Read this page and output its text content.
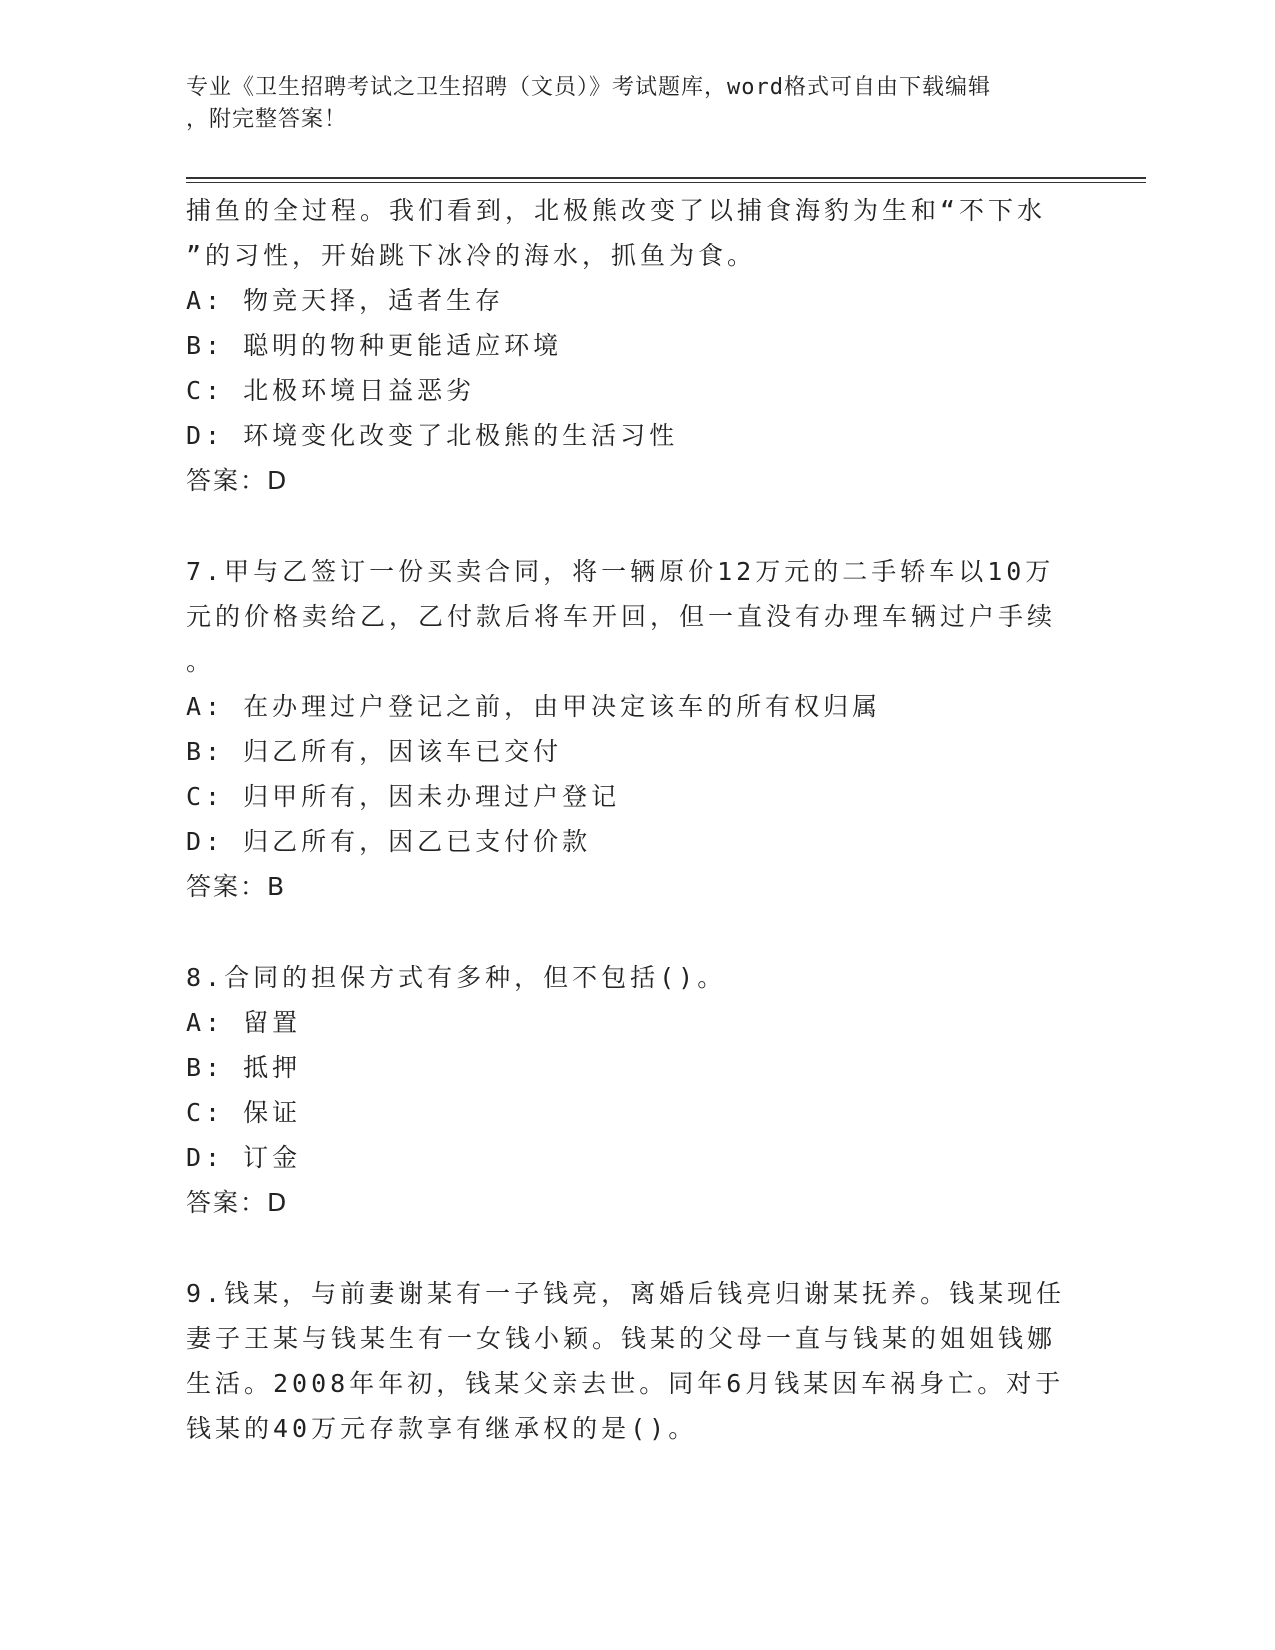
专业《卫生招聘考试之卫生招聘（文员）》考试题库，word格式可自由下载编辑
，附完整答案！

捕鱼的全过程。我们看到，北极熊改变了以捕食海豹为生和“不下水

”的习性，开始跳下冰冷的海水，抓鱼为食。

A: 物竞天择，适者生存

B: 聪明的物种更能适应环境

C: 北极环境日益恶劣

D: 环境变化改变了北极熊的生活习性

答案：D

7.甲与乙签订一份买卖合同，将一辆原价12万元的二手轿车以10万

元的价格卖给乙，乙付款后将车开回，但一直没有办理车辆过户手续

。

A: 在办理过户登记之前，由甲决定该车的所有权归属

B: 归乙所有，因该车已交付

C: 归甲所有，因未办理过户登记

D: 归乙所有，因乙已支付价款

答案：B

8.合同的担保方式有多种，但不包括()。

A: 留置

B: 抵押

C: 保证

D: 订金

答案：D

9.钱某，与前妻谢某有一子钱亮，离婚后钱亮归谢某抚养。钱某现任

妻子王某与钱某生有一女钱小颖。钱某的父母一直与钱某的姐姐钱娜

生活。2008年年初，钱某父亲去世。同年6月钱某因车祸身亡。对于

钱某的40万元存款享有继承权的是()。
